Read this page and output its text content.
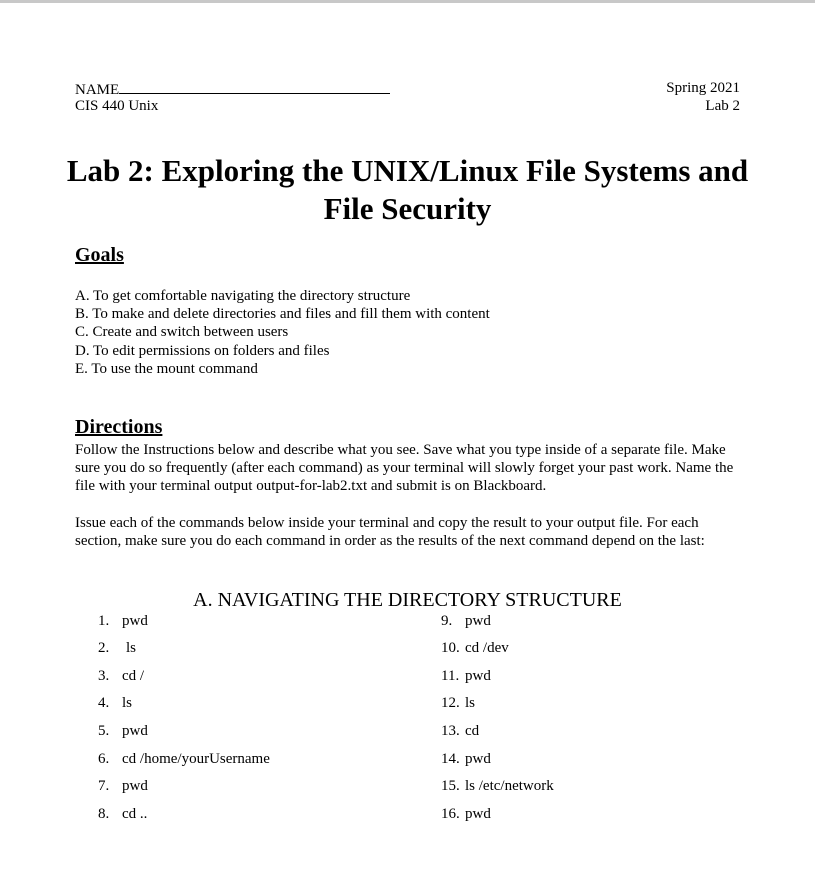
NAME
CIS 440 Unix
Spring 2021
Lab 2
Lab 2: Exploring the UNIX/Linux File Systems and File Security
Goals
A. To get comfortable navigating the directory structure
B. To make and delete directories and files and fill them with content
C. Create and switch between users
D. To edit permissions on folders and files
E. To use the mount command
Directions
Follow the Instructions below and describe what you see. Save what you type inside of a separate file. Make sure you do so frequently (after each command) as your terminal will slowly forget your past work. Name the file with your terminal output output-for-lab2.txt and submit is on Blackboard.
Issue each of the commands below inside your terminal and copy the result to your output file. For each section, make sure you do each command in order as the results of the next command depend on the last:
A. NAVIGATING THE DIRECTORY STRUCTURE
1. pwd
2. ls
3. cd /
4. ls
5. pwd
6. cd /home/yourUsername
7. pwd
8. cd ..
9. pwd
10. cd /dev
11. pwd
12. ls
13. cd
14. pwd
15. ls /etc/network
16. pwd
